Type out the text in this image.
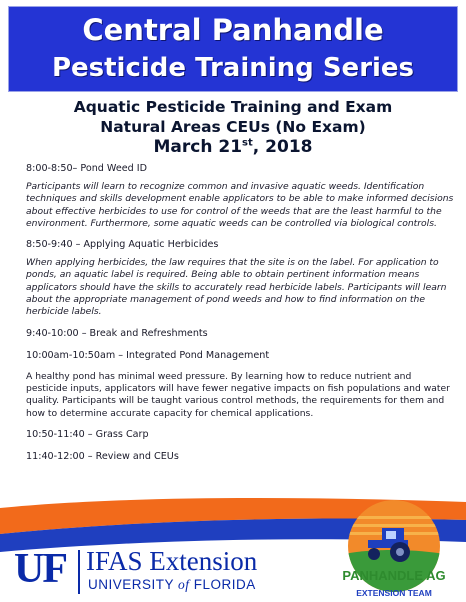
Central Panhandle
Pesticide Training Series
Aquatic Pesticide Training and Exam
Natural Areas CEUs (No Exam)
March 21st, 2018
8:00-8:50– Pond Weed ID
Participants will learn to recognize common and invasive aquatic weeds. Identification techniques and skills development enable applicators to be able to make informed decisions about effective herbicides to use for control of the weeds that are the least harmful to the environment. Furthermore, some aquatic weeds can be controlled via biological controls.
8:50-9:40 – Applying Aquatic Herbicides
When applying herbicides, the law requires that the site is on the label. For application to ponds, an aquatic label is required. Being able to obtain pertinent information means applicators should have the skills to accurately read herbicide labels. Participants will learn about the appropriate management of pond weeds and how to find information on the herbicide labels.
9:40-10:00 – Break and Refreshments
10:00am-10:50am – Integrated Pond Management
A healthy pond has minimal weed pressure. By learning how to reduce nutrient and pesticide inputs, applicators will have fewer negative impacts on fish populations and water quality. Participants will be taught various control methods, the requirements for them and how to determine accurate capacity for chemical applications.
10:50-11:40 – Grass Carp
11:40-12:00 – Review and CEUs
UF IFAS Extension
UNIVERSITY of FLORIDA
PANHANDLE AG
EXTENSION TEAM
